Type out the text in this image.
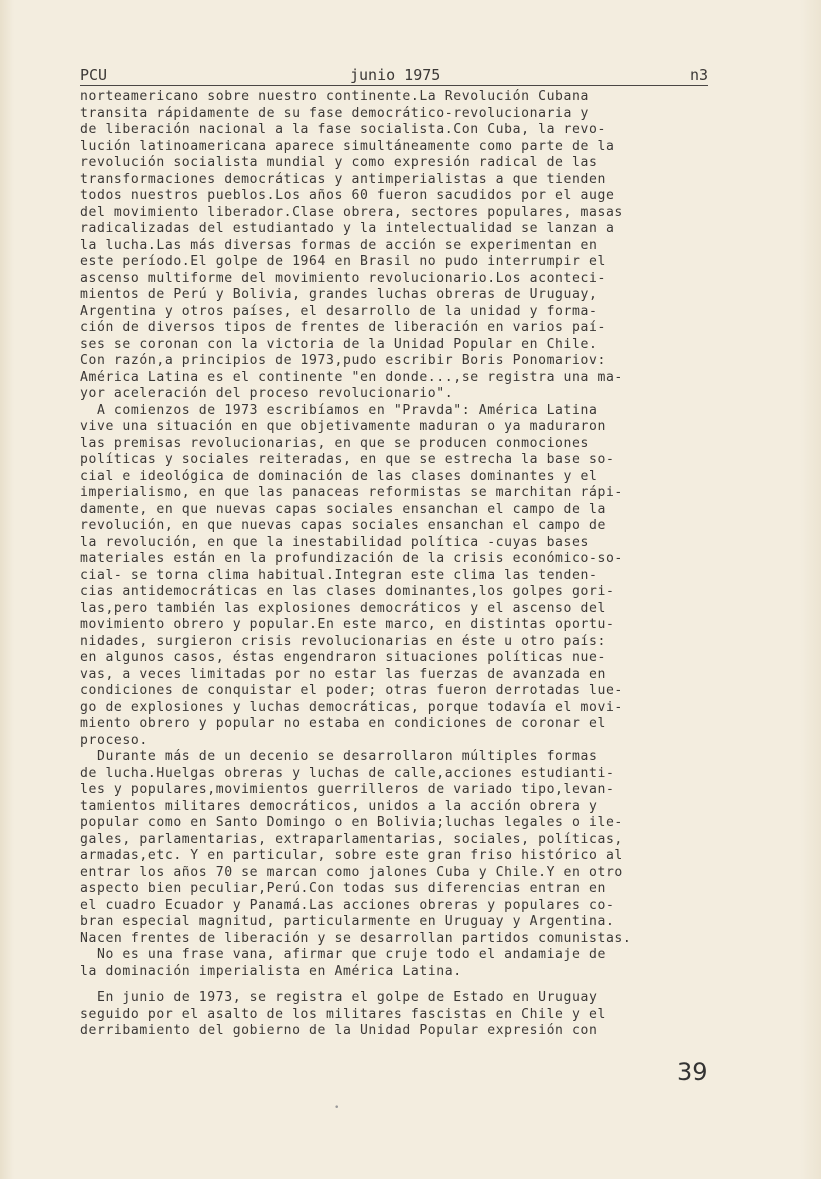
PCU	junio 1975	n3
norteamericano sobre nuestro continente.La Revolución Cubana
transita rápidamente de su fase democrático-revolucionaria y
de liberación nacional a la fase socialista.Con Cuba, la revo-
lución latinoamericana aparece simultáneamente como parte de la
revolución socialista mundial y como expresión radical de las
transformaciones democráticas y antimperialistas a que tienden
todos nuestros pueblos.Los años 60 fueron sacudidos por el auge
del movimiento liberador.Clase obrera, sectores populares, masas
radicalizadas del estudiantado y la intelectualidad se lanzan a
la lucha.Las más diversas formas de acción se experimentan en
este período.El golpe de 1964 en Brasil no pudo interrumpir el
ascenso multiforme del movimiento revolucionario.Los aconteci-
mientos de Perú y Bolivia, grandes luchas obreras de Uruguay,
Argentina y otros países, el desarrollo de la unidad y forma-
ción de diversos tipos de frentes de liberación en varios paí-
ses se coronan con la victoria de la Unidad Popular en Chile.
Con razón,a principios de 1973,pudo escribir Boris Ponomariov:
América Latina es el continente "en donde...,se registra una ma-
yor aceleración del proceso revolucionario".
A comienzos de 1973 escribíamos en "Pravda": América Latina
vive una situación en que objetivamente maduran o ya maduraron
las premisas revolucionarias, en que se producen conmociones
políticas y sociales reiteradas, en que se estrecha la base so-
cial e ideológica de dominación de las clases dominantes y el
imperialismo, en que las panaceas reformistas se marchitan rápi-
damente, en que nuevas capas sociales ensanchan el campo de la
revolución, en que nuevas capas sociales ensanchan el campo de
la revolución, en que la inestabilidad política -cuyas bases
materiales están en la profundización de la crisis económico-so-
cial- se torna clima habitual.Integran este clima las tenden-
cias antidemocráticas en las clases dominantes,los golpes gori-
las,pero también las explosiones democráticos y el ascenso del
movimiento obrero y popular.En este marco, en distintas oportu-
nidades, surgieron crisis revolucionarias en éste u otro país:
en algunos casos, éstas engendraron situaciones políticas nue-
vas, a veces limitadas por no estar las fuerzas de avanzada en
condiciones de conquistar el poder; otras fueron derrotadas lue-
go de explosiones y luchas democráticas, porque todavía el movi-
miento obrero y popular no estaba en condiciones de coronar el
proceso.
Durante más de un decenio se desarrollaron múltiples formas
de lucha.Huelgas obreras y luchas de calle,acciones estudianti-
les y populares,movimientos guerrilleros de variado tipo,levan-
tamientos militares democráticos, unidos a la acción obrera y
popular como en Santo Domingo o en Bolivia;luchas legales o ile-
gales, parlamentarias, extraparlamentarias, sociales, políticas,
armadas,etc. Y en particular, sobre este gran friso histórico al
entrar los años 70 se marcan como jalones Cuba y Chile.Y en otro
aspecto bien peculiar,Perú.Con todas sus diferencias entran en
el cuadro Ecuador y Panamá.Las acciones obreras y populares co-
bran especial magnitud, particularmente en Uruguay y Argentina.
Nacen frentes de liberación y se desarrollan partidos comunistas.
No es una frase vana, afirmar que cruje todo el andamiaje de
la dominación imperialista en América Latina.
En junio de 1973, se registra el golpe de Estado en Uruguay
seguido por el asalto de los militares fascistas en Chile y el
derribamiento del gobierno de la Unidad Popular expresión con
39
•
